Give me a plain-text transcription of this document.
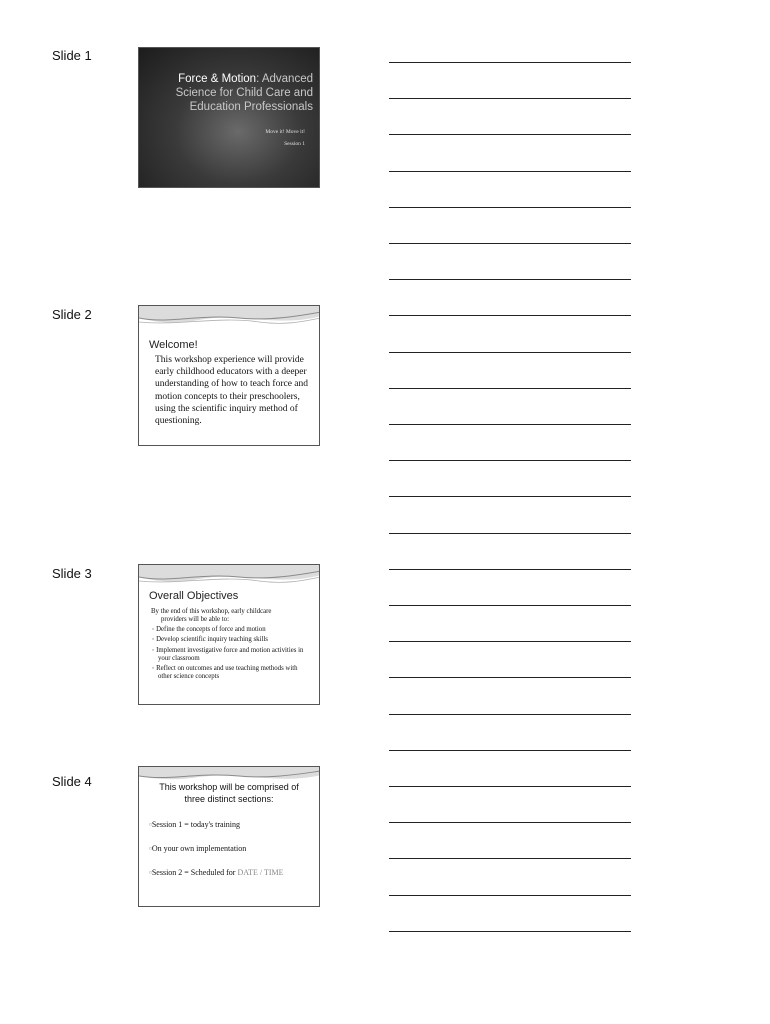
Slide 1
Slide 2
Slide 3
Slide 4
Force & Motion: Advanced Science for Child Care and Education Professionals
Move it! Move it!
Session 1
Welcome!
This workshop experience will provide early childhood educators with a deeper understanding of how to teach force and motion concepts to their preschoolers, using the scientific inquiry method of questioning.
Overall Objectives
By the end of this workshop, early childcare
providers will be able to:
▫ Define the concepts of force and motion
▫ Develop scientific inquiry teaching skills
▫ Implement investigative force and motion activities in your classroom
▫ Reflect on outcomes and use teaching methods with other science concepts
This workshop will be comprised of
three distinct sections:
▫Session 1 = today's training
▫On your own implementation
▫Session 2 = Scheduled for DATE / TIME
